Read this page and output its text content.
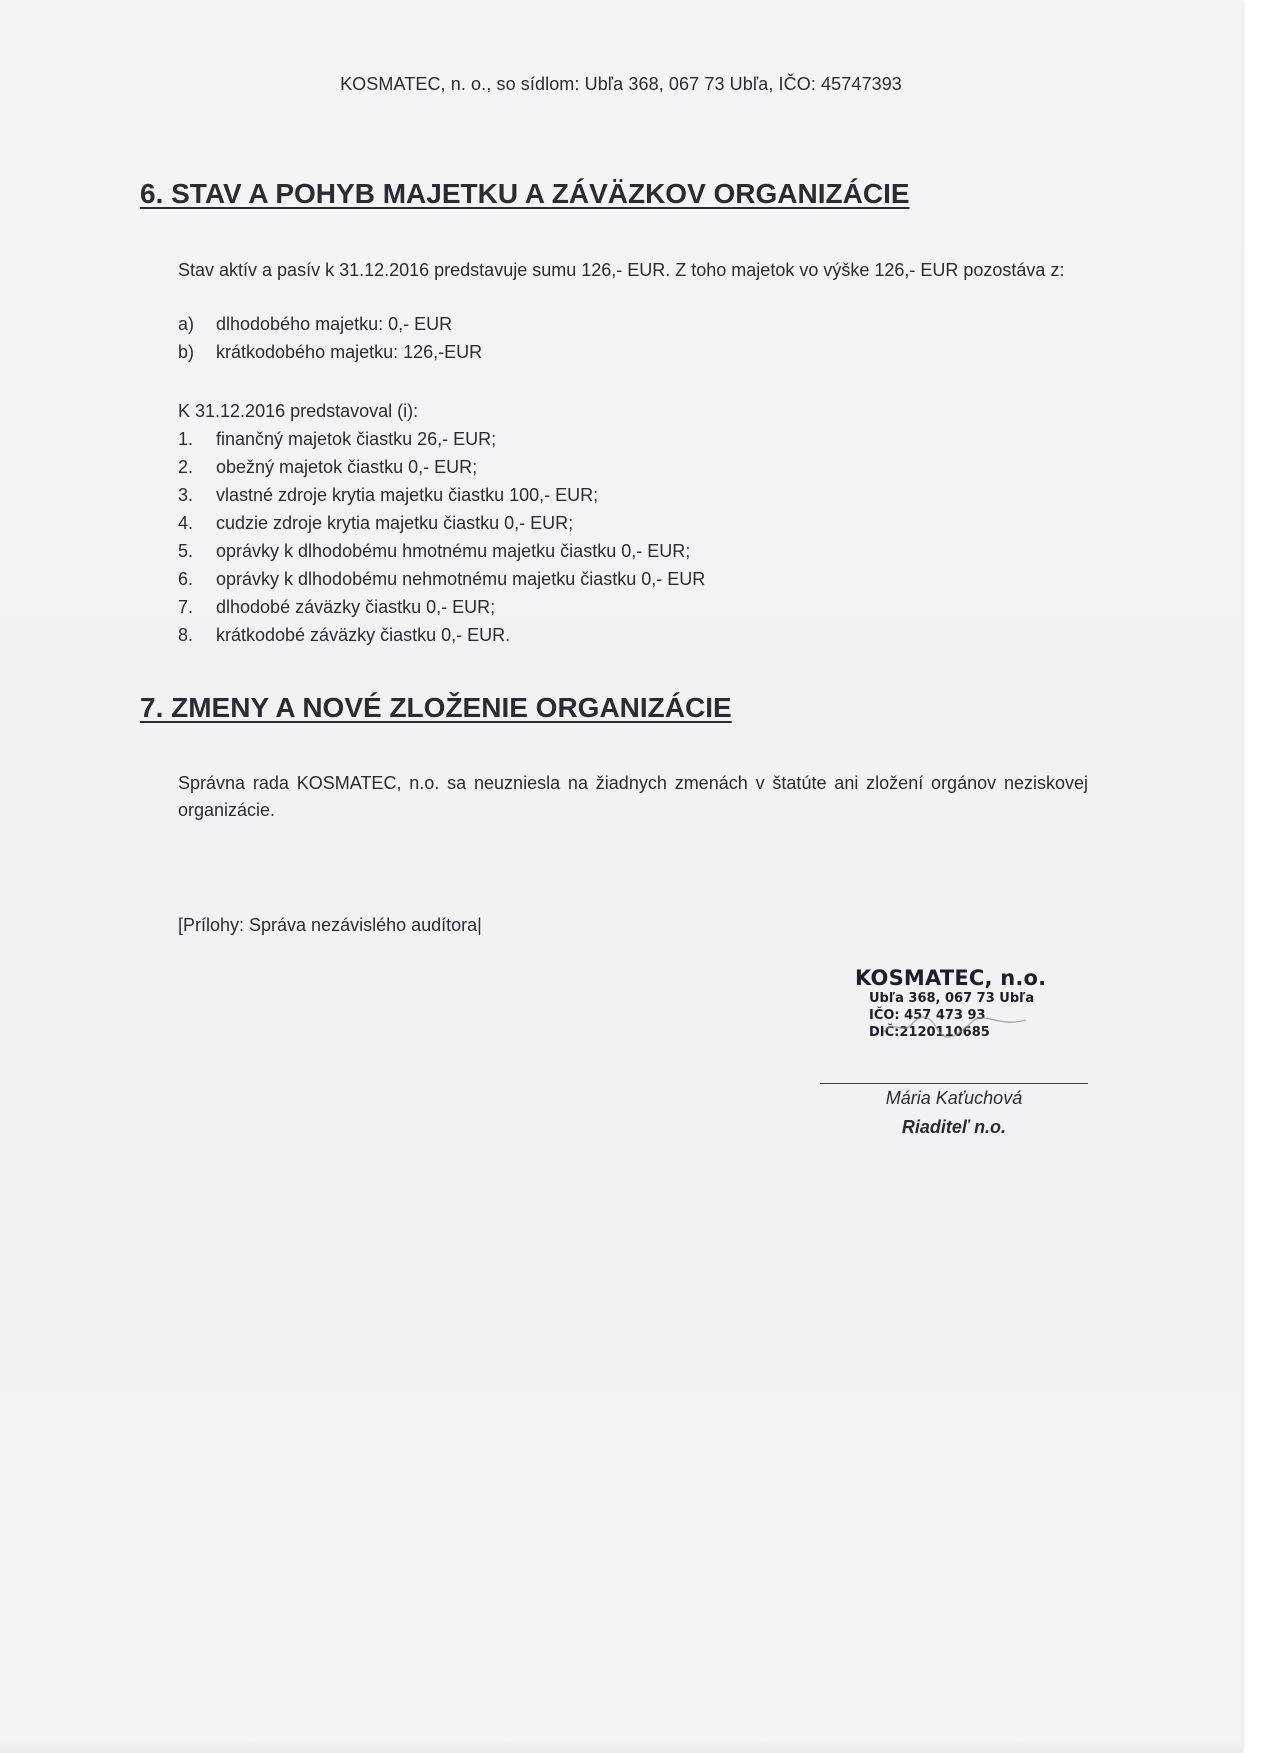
KOSMATEC, n. o., so sídlom: Ubľa 368, 067 73 Ubľa, IČO: 45747393
6. STAV A POHYB MAJETKU A ZÁVÄZKOV ORGANIZÁCIE
Stav aktív a pasív k 31.12.2016 predstavuje sumu 126,- EUR. Z toho majetok vo výške 126,- EUR pozostáva z:
a) dlhodobého majetku: 0,- EUR
b) krátkodobého majetku: 126,-EUR
K 31.12.2016 predstavoval (i):
1. finančný majetok čiastku 26,- EUR;
2. obežný majetok čiastku 0,- EUR;
3. vlastné zdroje krytia majetku čiastku 100,- EUR;
4. cudzie zdroje krytia majetku čiastku 0,- EUR;
5. oprávky k dlhodobému hmotnému majetku čiastku 0,- EUR;
6. oprávky k dlhodobému nehmotnému majetku čiastku 0,- EUR
7. dlhodobé záväzky čiastku 0,- EUR;
8. krátkodobé záväzky čiastku 0,- EUR.
7. ZMENY A NOVÉ ZLOŽENIE ORGANIZÁCIE
Správna rada KOSMATEC, n.o. sa neuzniesla na žiadnych zmenách v štatúte ani zložení orgánov neziskovej organizácie.
[Prílohy: Správa nezávislého audítora|
KOSMATEC, n.o.
Ubľa 368, 067 73 Ubľa
IČO: 457 473 93
DIČ:2120110685
Mária Kaťuchová
Riaditeľ n.o.
